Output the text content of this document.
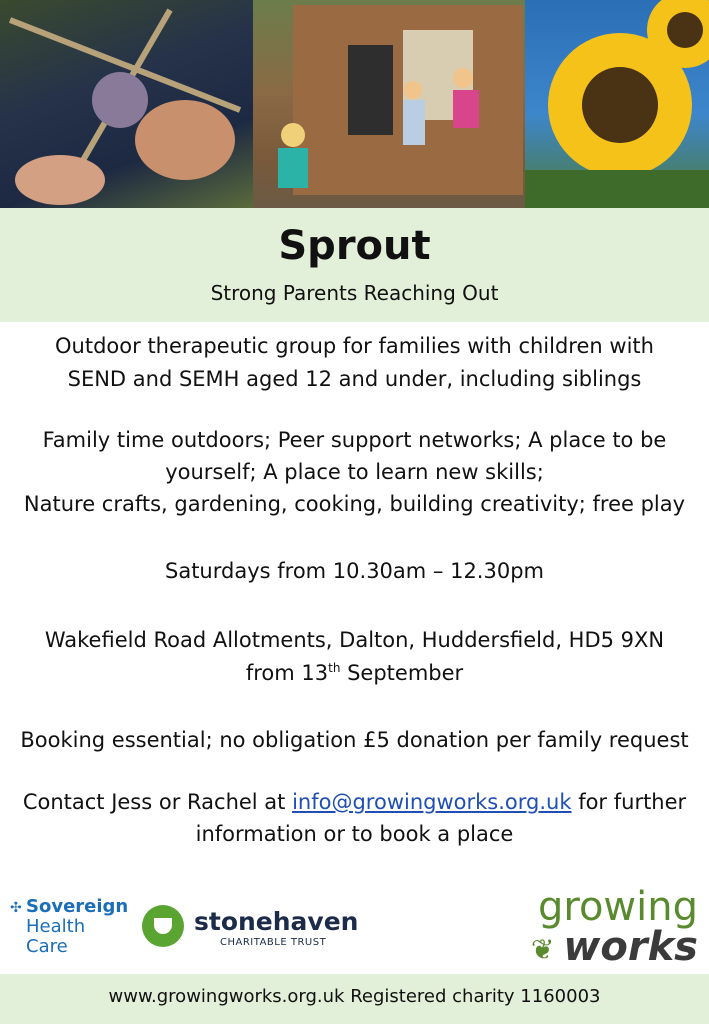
Sprout
Strong Parents Reaching Out
Outdoor therapeutic group for families with children with
SEND and SEMH aged 12 and under, including siblings
Family time outdoors; Peer support networks; A place to be
yourself; A place to learn new skills;
Nature crafts, gardening, cooking, building creativity; free play
Saturdays from 10.30am – 12.30pm
Wakefield Road Allotments, Dalton, Huddersfield, HD5 9XN
from 13th September
Booking essential; no obligation £5 donation per family request
Contact Jess or Rachel at info@growingworks.org.uk for further
information or to book a place
✣ Sovereign
Health
Care
stonehaven
CHARITABLE TRUST
growing
❦ works
www.growingworks.org.uk Registered charity 1160003
